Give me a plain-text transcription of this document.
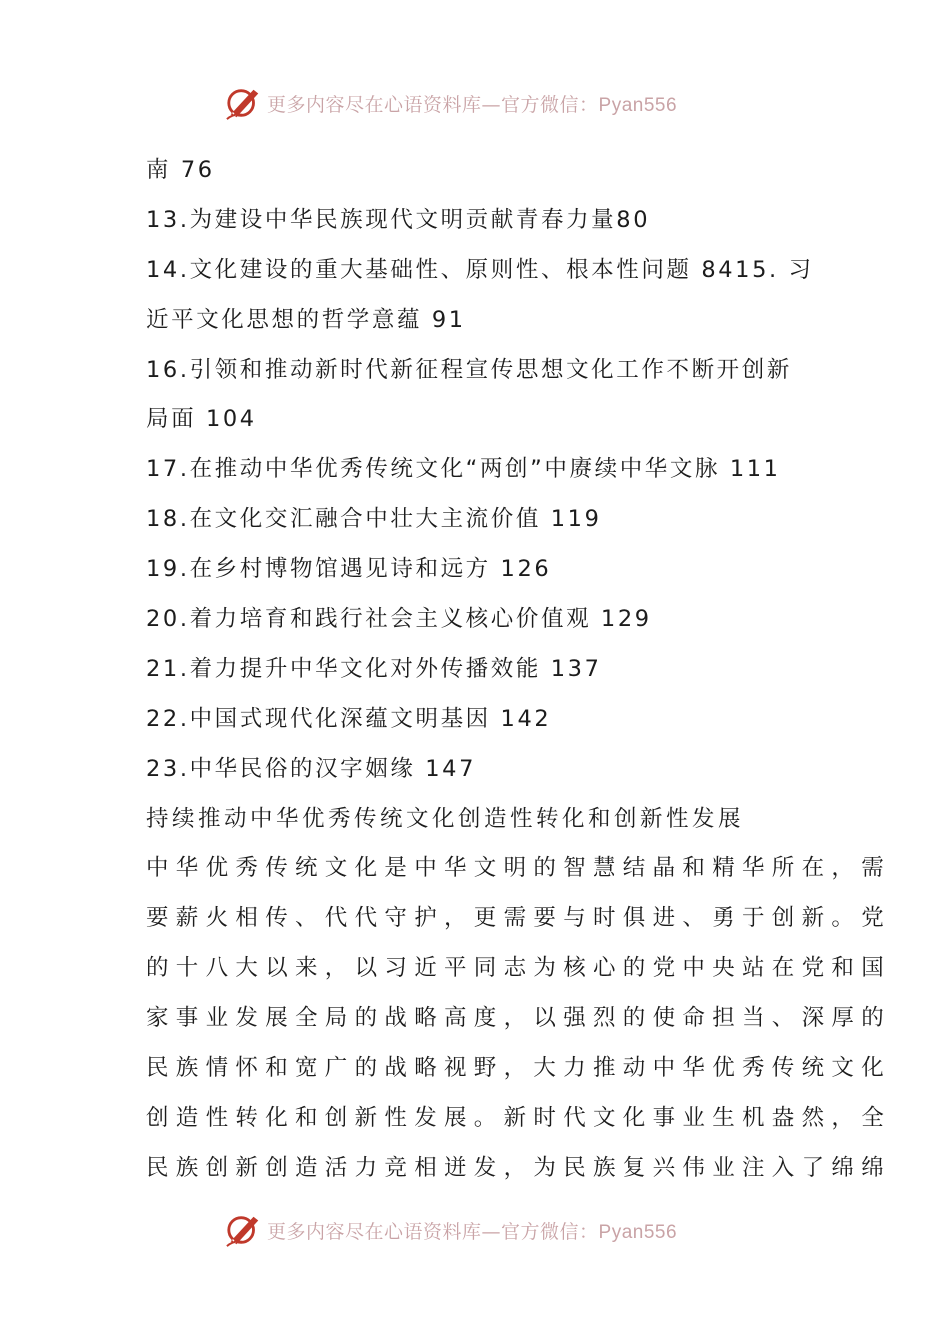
更多内容尽在心语资料库—官方微信：Pyan556
南 76
13.为建设中华民族现代文明贡献青春力量80
14.文化建设的重大基础性、原则性、根本性问题 8415. 习
近平文化思想的哲学意蕴 91
16.引领和推动新时代新征程宣传思想文化工作不断开创新
局面 104
17.在推动中华优秀传统文化“两创”中赓续中华文脉 111
18.在文化交汇融合中壮大主流价值 119
19.在乡村博物馆遇见诗和远方 126
20.着力培育和践行社会主义核心价值观 129
21.着力提升中华文化对外传播效能 137
22.中国式现代化深蕴文明基因 142
23.中华民俗的汉字姻缘 147
持续推动中华优秀传统文化创造性转化和创新性发展
中华优秀传统文化是中华文明的智慧结晶和精华所在，需
要薪火相传、代代守护，更需要与时俱进、勇于创新。党
的十八大以来，以习近平同志为核心的党中央站在党和国
家事业发展全局的战略高度，以强烈的使命担当、深厚的
民族情怀和宽广的战略视野，大力推动中华优秀传统文化
创造性转化和创新性发展。新时代文化事业生机盎然，全
民族创新创造活力竞相迸发，为民族复兴伟业注入了绵绵
更多内容尽在心语资料库—官方微信：Pyan556
